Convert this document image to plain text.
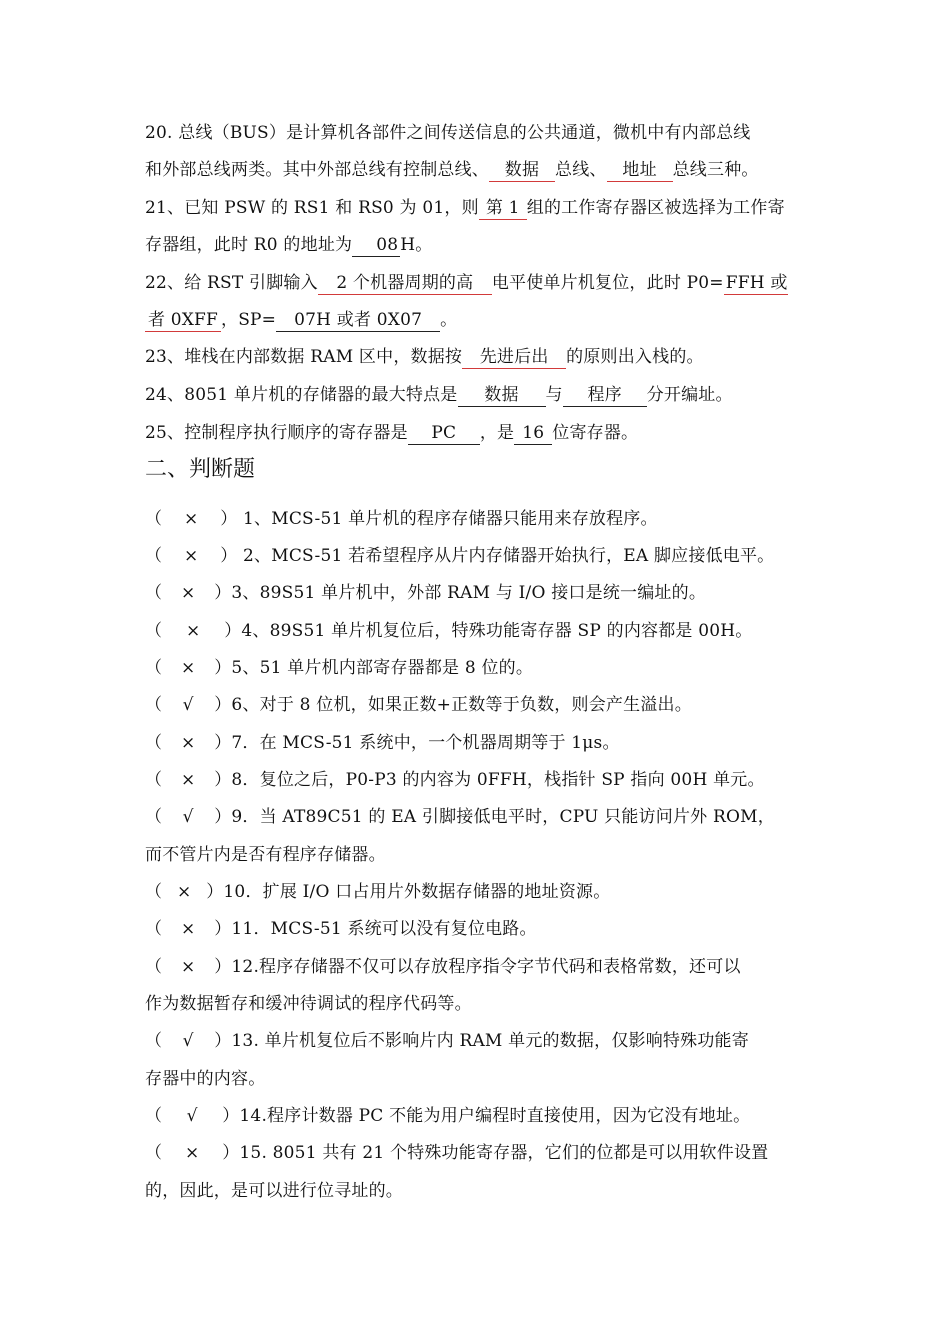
20. 总线（BUS）是计算机各部件之间传送信息的公共通道，微机中有内部总线
和外部总线两类。其中外部总线有控制总线、 数据 总线、 地址 总线三种。
21、已知 PSW 的 RS1 和 RS0 为 01，则 第 1 组的工作寄存器区被选择为工作寄
存器组，此时 R0 的地址为 08 H。
22、给 RST 引脚输入 2 个机器周期的高 电平使单片机复位，此时 P0= FFH 或
者 0XFF ，SP= 07H 或者 0X07 。
23、堆栈在内部数据 RAM 区中，数据按 先进后出 的原则出入栈的。
24、8051 单片机的存储器的最大特点是 数据 与 程序 分开编址。
25、控制程序执行顺序的寄存器是 PC ，是 16 位寄存器。
二、判断题
（ × ） 1、MCS-51 单片机的程序存储器只能用来存放程序。
（ × ） 2、MCS-51 若希望程序从片内存储器开始执行，EA 脚应接低电平。
（ × ）3、89S51 单片机中，外部 RAM 与 I/O 接口是统一编址的。
（ × ）4、89S51 单片机复位后，特殊功能寄存器 SP 的内容都是 00H。
（ × ）5、51 单片机内部寄存器都是 8 位的。
（ √ ）6、对于 8 位机，如果正数+正数等于负数，则会产生溢出。
（ × ）7．在 MCS-51 系统中，一个机器周期等于 1μs。
（ × ）8．复位之后，P0-P3 的内容为 0FFH，栈指针 SP 指向 00H 单元。
（ √ ）9．当 AT89C51 的 EA 引脚接低电平时，CPU 只能访问片外 ROM，
而不管片内是否有程序存储器。
（ × ）10．扩展 I/O 口占用片外数据存储器的地址资源。
（ × ）11．MCS-51 系统可以没有复位电路。
（ × ）12.程序存储器不仅可以存放程序指令字节代码和表格常数，还可以
作为数据暂存和缓冲待调试的程序代码等。
（ √ ）13. 单片机复位后不影响片内 RAM 单元的数据，仅影响特殊功能寄
存器中的内容。
（ √ ）14.程序计数器 PC 不能为用户编程时直接使用，因为它没有地址。
（ × ）15. 8051 共有 21 个特殊功能寄存器，它们的位都是可以用软件设置
的，因此，是可以进行位寻址的。
